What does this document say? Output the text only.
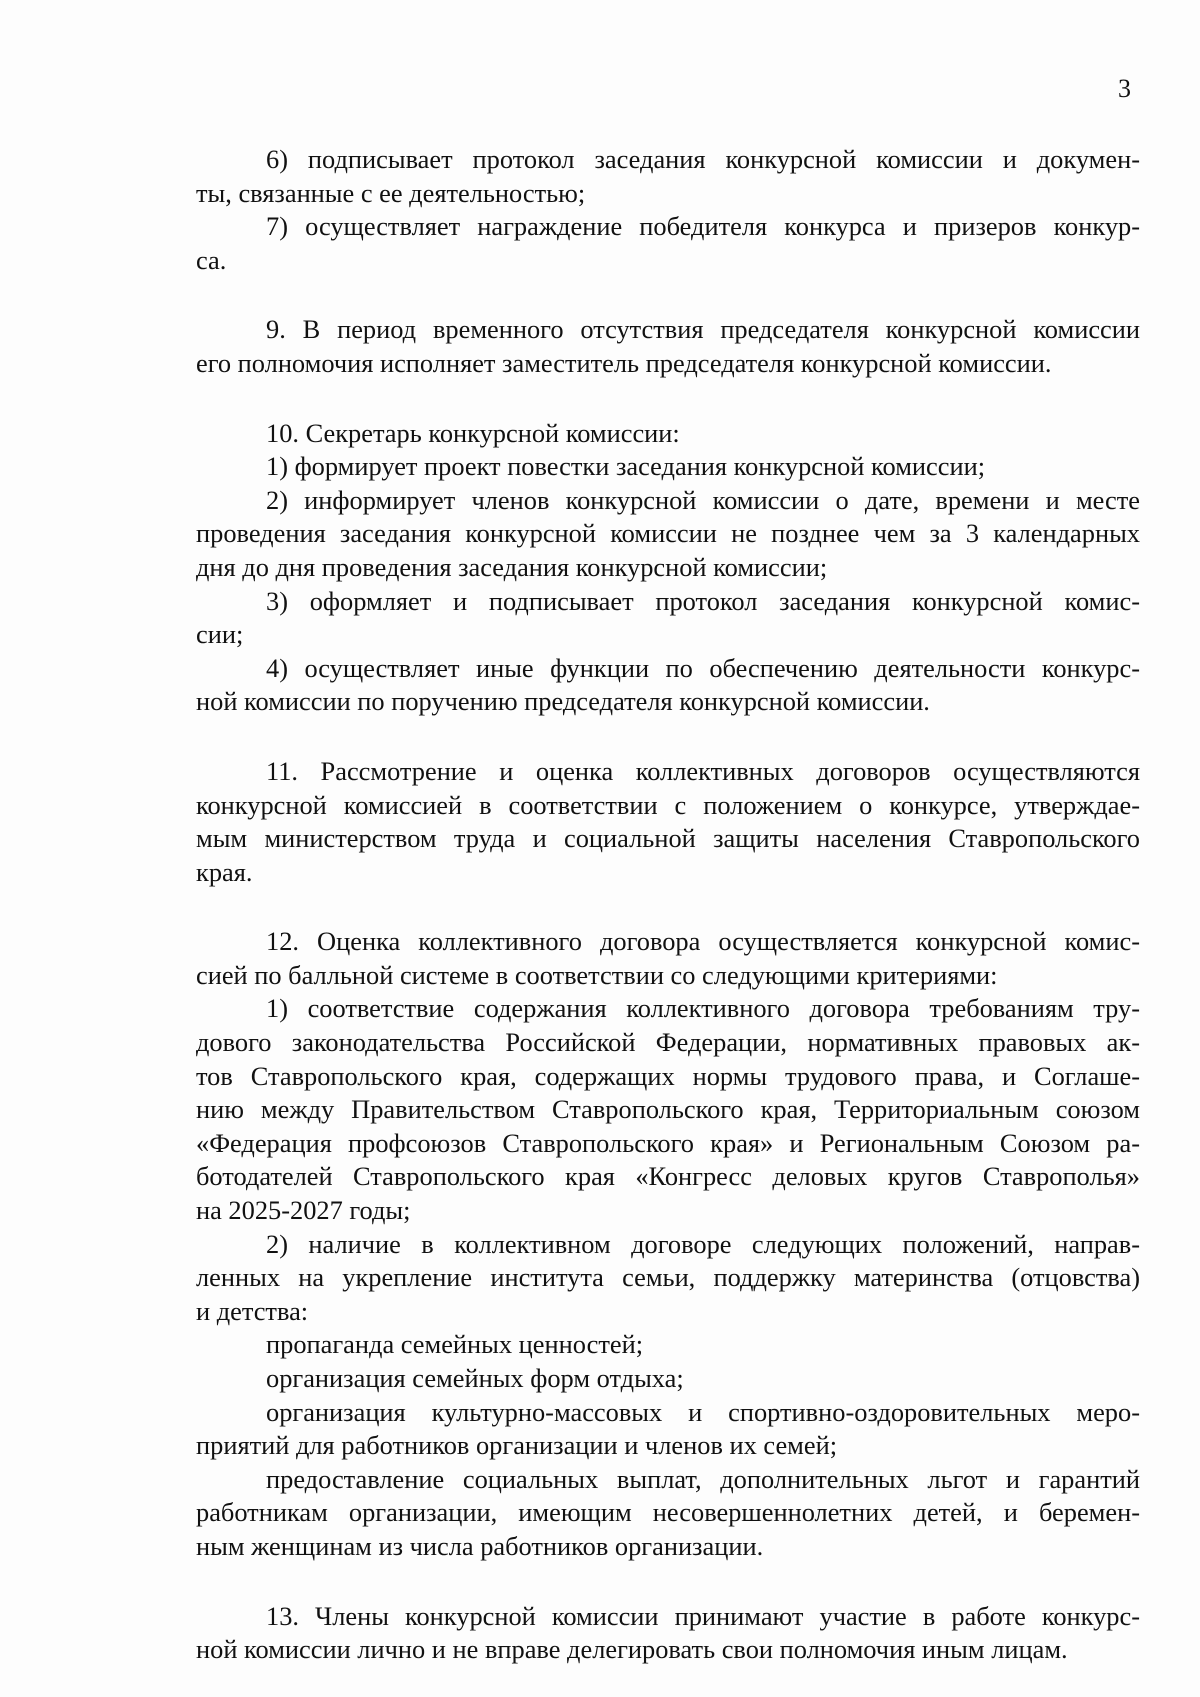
3
6) подписывает протокол заседания конкурсной комиссии и докумен-
ты, связанные с ее деятельностью;
7) осуществляет награждение победителя конкурса и призеров конкур-
са.
9. В период временного отсутствия председателя конкурсной комиссии
его полномочия исполняет заместитель председателя конкурсной комиссии.
10. Секретарь конкурсной комиссии:
1) формирует проект повестки заседания конкурсной комиссии;
2) информирует членов конкурсной комиссии о дате, времени и месте
проведения заседания конкурсной комиссии не позднее чем за 3 календарных
дня до дня проведения заседания конкурсной комиссии;
3) оформляет и подписывает протокол заседания конкурсной комис-
сии;
4) осуществляет иные функции по обеспечению деятельности конкурс-
ной комиссии по поручению председателя конкурсной комиссии.
11. Рассмотрение и оценка коллективных договоров осуществляются
конкурсной комиссией в соответствии с положением о конкурсе, утверждае-
мым министерством труда и социальной защиты населения Ставропольского
края.
12. Оценка коллективного договора осуществляется конкурсной комис-
сией по балльной системе в соответствии со следующими критериями:
1) соответствие содержания коллективного договора требованиям тру-
дового законодательства Российской Федерации, нормативных правовых ак-
тов Ставропольского края, содержащих нормы трудового права, и Соглаше-
нию между Правительством Ставропольского края, Территориальным союзом
«Федерация профсоюзов Ставропольского края» и Региональным Союзом ра-
ботодателей Ставропольского края «Конгресс деловых кругов Ставрополья»
на 2025-2027 годы;
2) наличие в коллективном договоре следующих положений, направ-
ленных на укрепление института семьи, поддержку материнства (отцовства)
и детства:
пропаганда семейных ценностей;
организация семейных форм отдыха;
организация культурно-массовых и спортивно-оздоровительных меро-
приятий для работников организации и членов их семей;
предоставление социальных выплат, дополнительных льгот и гарантий
работникам организации, имеющим несовершеннолетних детей, и беремен-
ным женщинам из числа работников организации.
13. Члены конкурсной комиссии принимают участие в работе конкурс-
ной комиссии лично и не вправе делегировать свои полномочия иным лицам.
